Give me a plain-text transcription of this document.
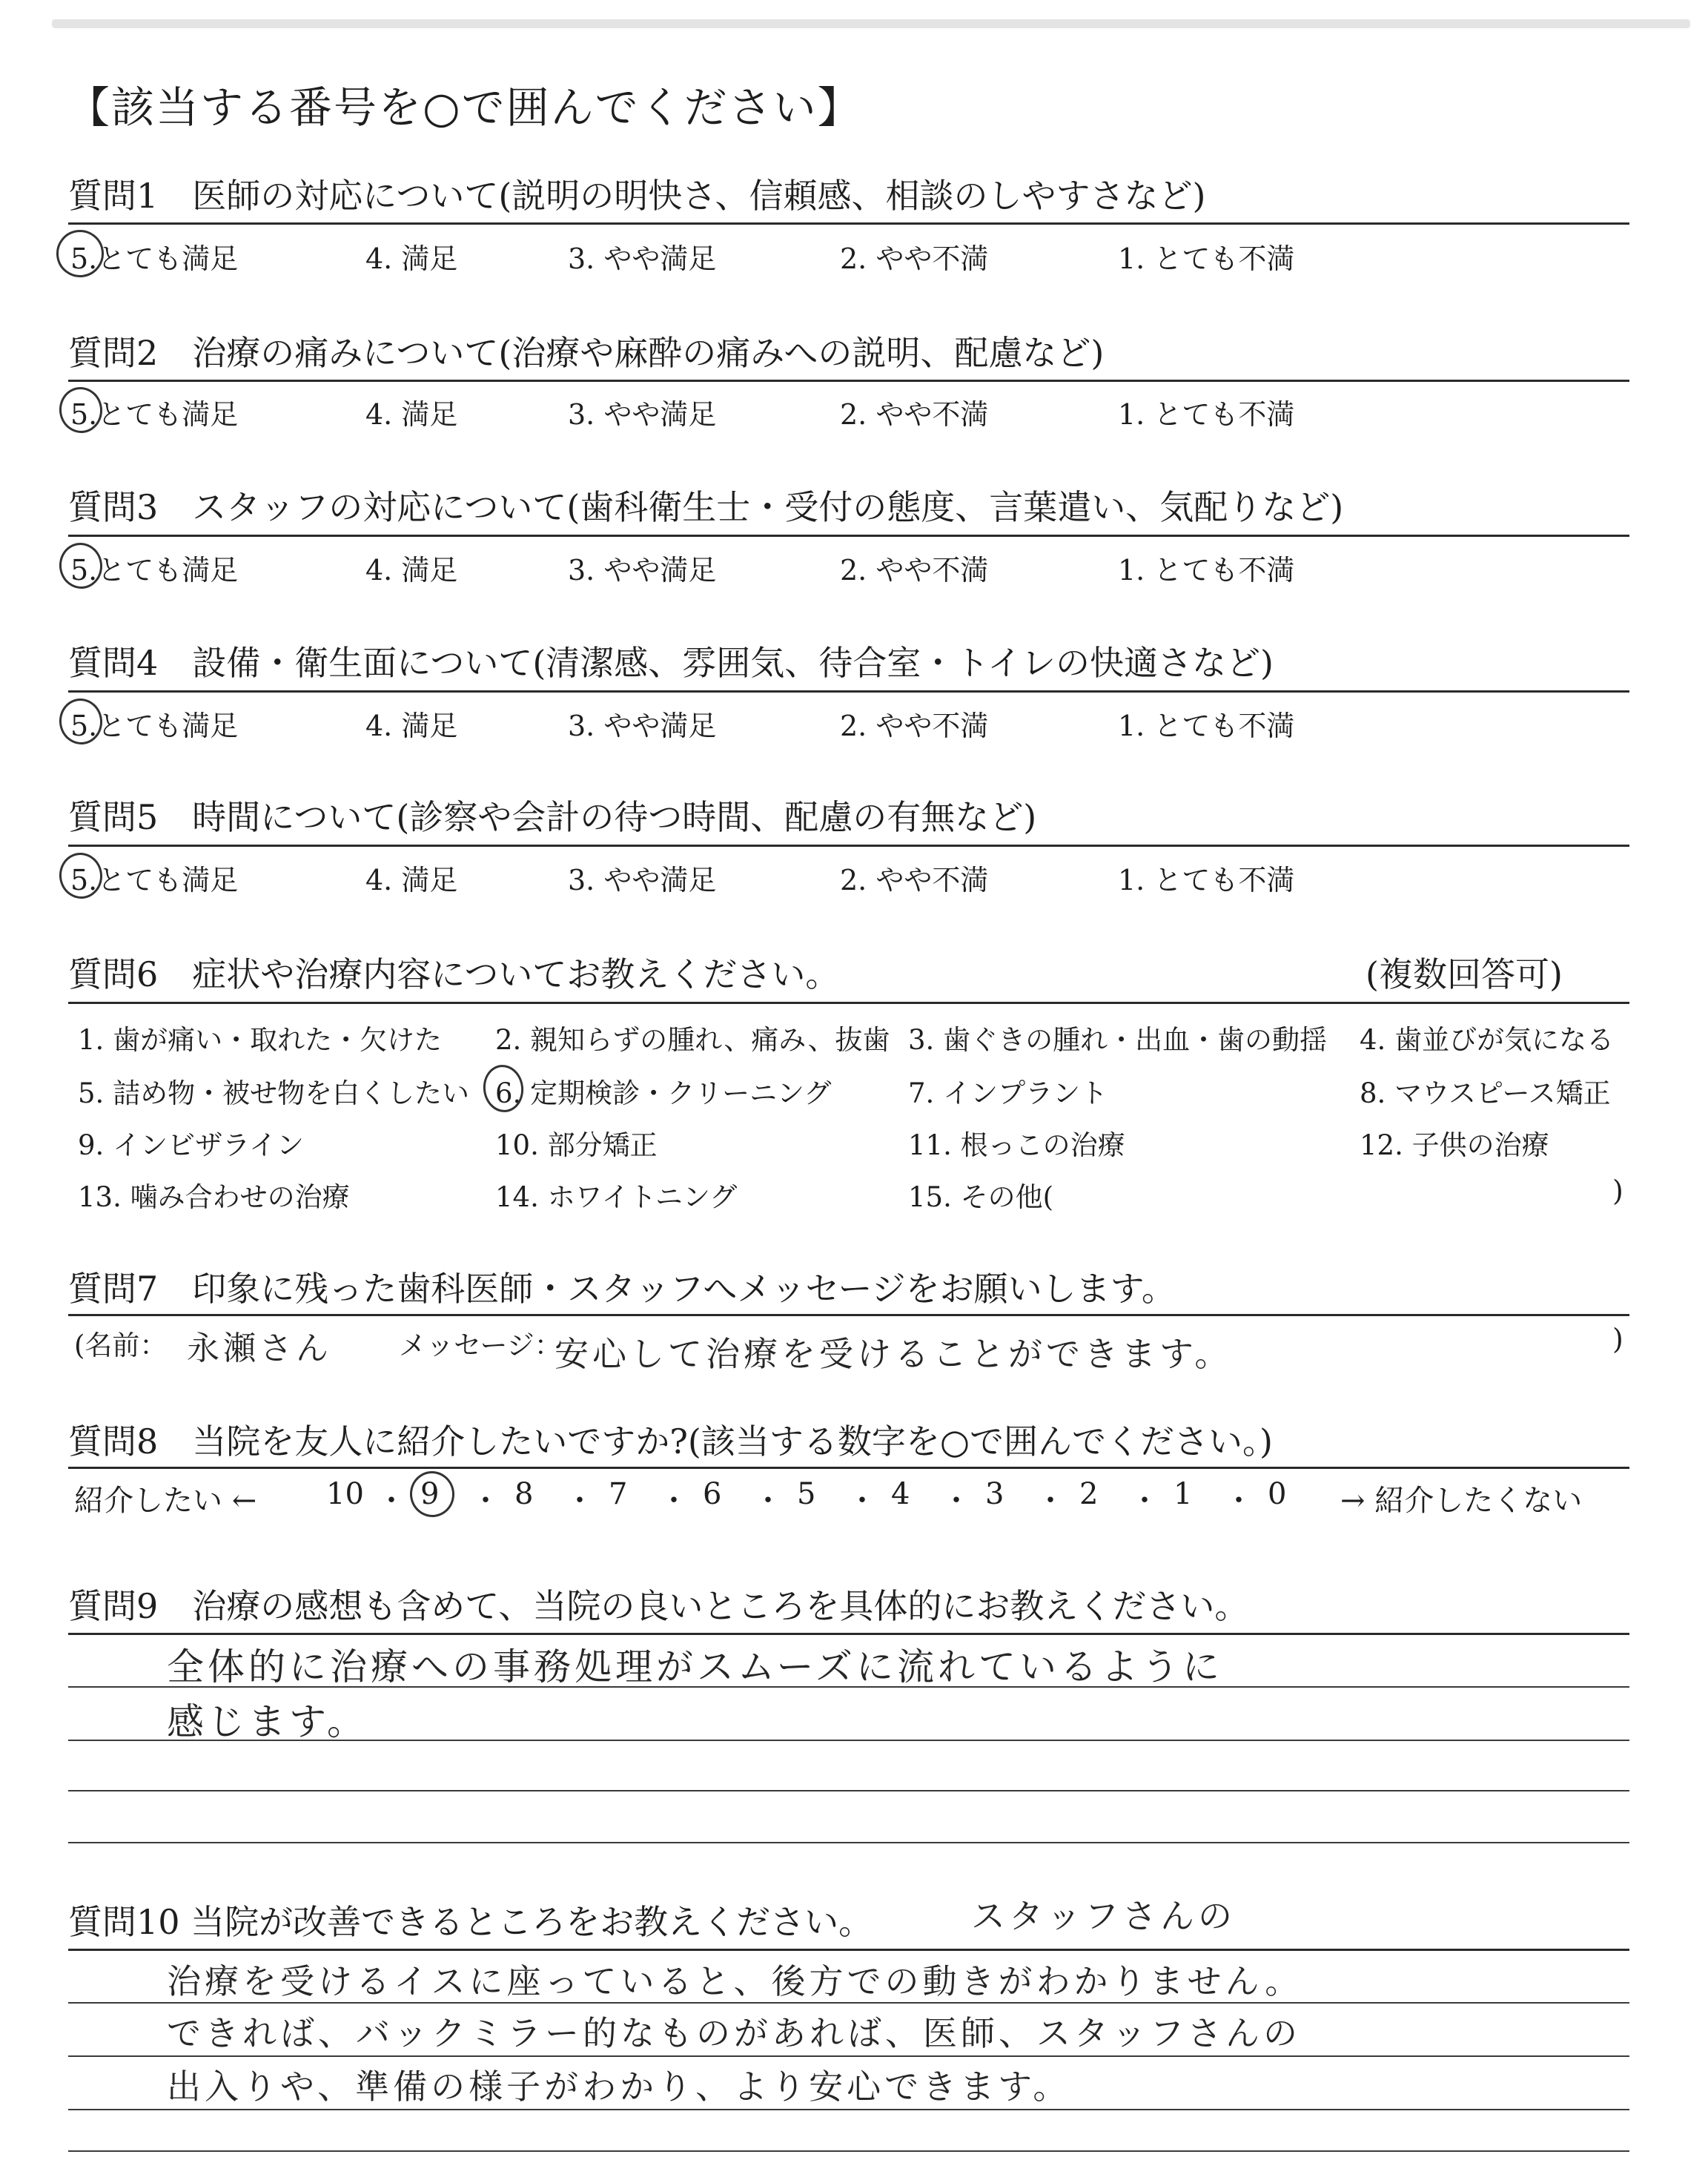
【該当する番号を○で囲んでください】
質問1　医師の対応について(説明の明快さ、信頼感、相談のしやすさなど)
5.とても満足	4. 満足	3. やや満足	2. やや不満	1. とても不満
質問2　治療の痛みについて(治療や麻酔の痛みへの説明、配慮など)
5.とても満足	4. 満足	3. やや満足	2. やや不満	1. とても不満
質問3　スタッフの対応について(歯科衛生士・受付の態度、言葉遣い、気配りなど)
5.とても満足	4. 満足	3. やや満足	2. やや不満	1. とても不満
質問4　設備・衛生面について(清潔感、雰囲気、待合室・トイレの快適さなど)
5.とても満足	4. 満足	3. やや満足	2. やや不満	1. とても不満
質問5　時間について(診察や会計の待つ時間、配慮の有無など)
5.とても満足	4. 満足	3. やや満足	2. やや不満	1. とても不満
質問6　症状や治療内容についてお教えください。	(複数回答可)
1. 歯が痛い・取れた・欠けた 2. 親知らずの腫れ、痛み、抜歯 3. 歯ぐきの腫れ・出血・歯の動揺 4. 歯並びが気になる
5. 詰め物・被せ物を白くしたい 6. 定期検診・クリーニング	7. インプラント	8. マウスピース矯正
9. インビザライン	10. 部分矯正	11. 根っこの治療	12. 子供の治療
13. 噛み合わせの治療	14. ホワイトニング	15. その他(	)
質問7　印象に残った歯科医師・スタッフへメッセージをお願いします。
(名前： 永瀬さん メッセージ：
安心して治療を受けることができます。	)
質問8　当院を友人に紹介したいですか?(該当する数字を○で囲んでください。)
紹介したい ← 10 ・ 9 ・ 8 ・ 7 ・ 6 ・ 5 ・ 4 ・ 3 ・ 2 ・ 1 ・ 0 → 紹介したくない
質問9　治療の感想も含めて、当院の良いところを具体的にお教えください。
全体的に治療への事務処理がスムーズに流れているように
感じます。
質問10 当院が改善できるところをお教えください。	スタッフさんの
治療を受けるイスに座っていると、後方での動きがわかりません。
できれば、バックミラー的なものがあれば、医師、スタッフさんの
出入りや、準備の様子がわかり、より安心できます。
